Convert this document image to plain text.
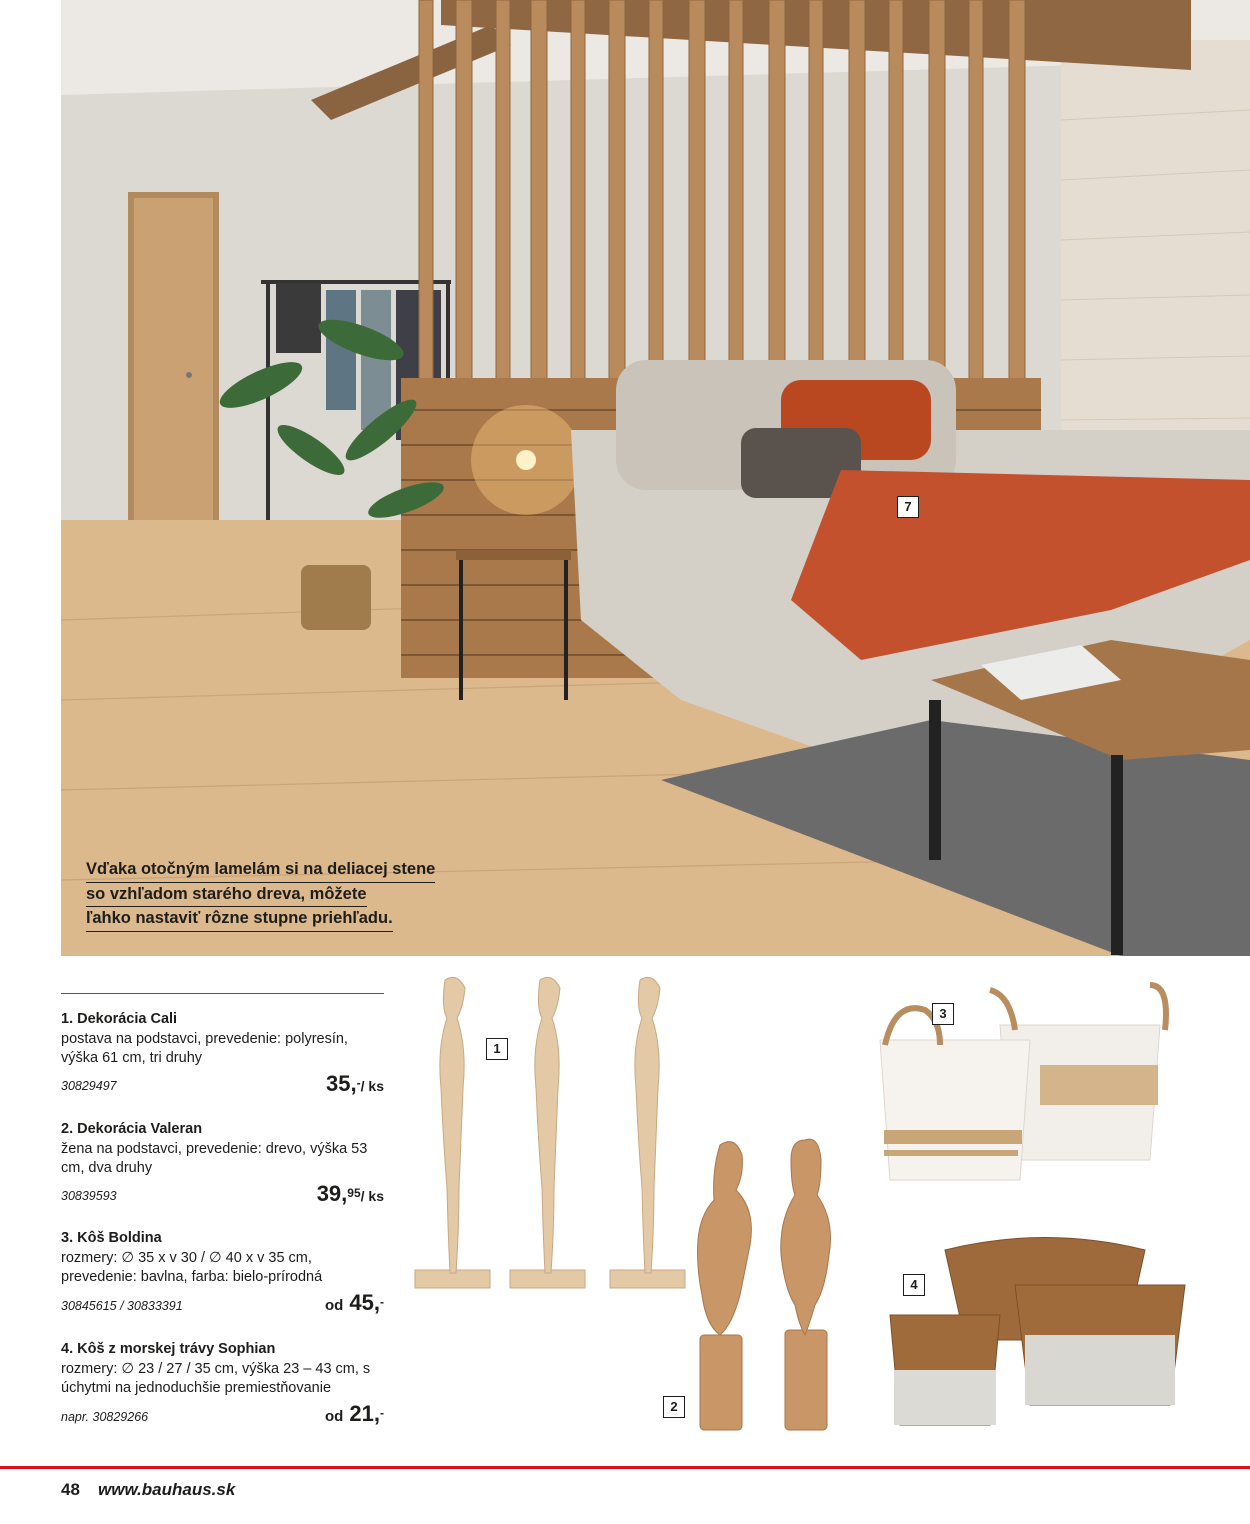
7
Vďaka otočným lamelám si na deliacej stene
so vzhľadom starého dreva, môžete
ľahko nastaviť rôzne stupne priehľadu.
1. Dekorácia Cali
postava na podstavci, prevedenie: polyresín, výška 61 cm, tri druhy
30829497	35,-/ ks
2. Dekorácia Valeran
žena na podstavci, prevedenie: drevo, výška 53 cm, dva druhy
30839593	39,95/ ks
3. Kôš Boldina
rozmery: ∅ 35 x v 30 / ∅ 40 x v 35 cm, prevedenie: bavlna, farba: bielo-prírodná
30845615 / 30833391	od 45,-
4. Kôš z morskej trávy Sophian
rozmery: ∅ 23 / 27 / 35 cm, výška 23 – 43 cm, s úchytmi na jednoduchšie premiestňovanie
napr. 30829266	od 21,-
1
2
3
4
48 www.bauhaus.sk
